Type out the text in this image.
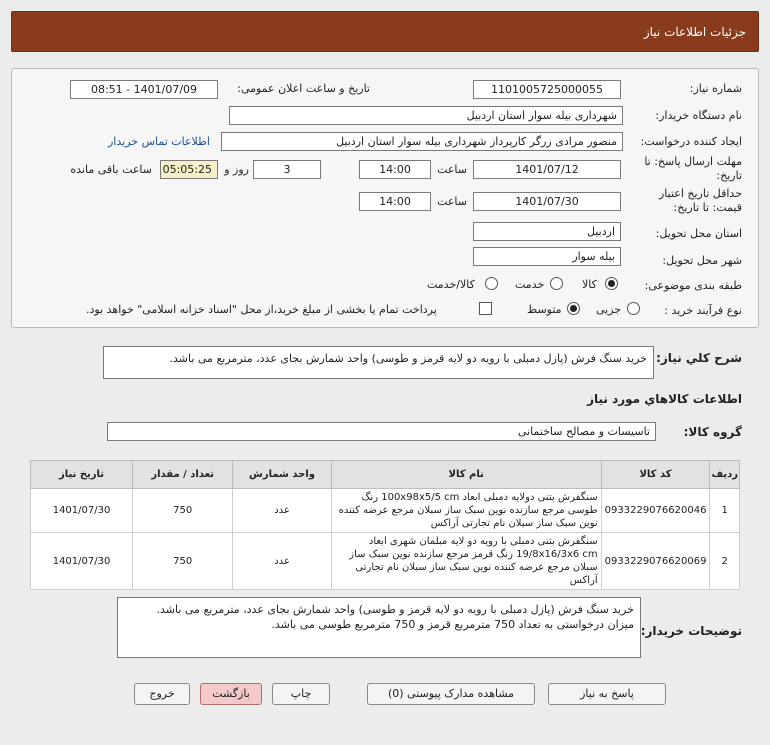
جزئیات اطلاعات نیاز
شماره نیاز:
1101005725000055
تاریخ و ساعت اعلان عمومی:
1401/07/09 - 08:51
نام دستگاه خریدار:
شهرداری بیله سوار استان اردبیل
ایجاد کننده درخواست:
منصور مرادی زرگر کارپرداز شهرداری بیله سوار استان اردبیل
اطلاعات تماس خریدار
مهلت ارسال پاسخ: تا
تاریخ:
1401/07/12
ساعت
14:00
3
روز و
05:05:25
ساعت باقی مانده
حداقل تاریخ اعتبار
قیمت: تا تاریخ:
1401/07/30
ساعت
14:00
استان محل تحویل:
اردبیل
شهر محل تحویل:
بیله سوار
طبقه بندی موضوعی:
کالا
خدمت
کالا/خدمت
نوع فرآیند خرید :
جزیی
متوسط
پرداخت تمام یا بخشی از مبلغ خرید،از محل "اسناد خزانه اسلامی" خواهد بود.
شرح کلي نياز:
خرید سنگ فرش (پازل دمبلی با رویه دو لایه قرمز و طوسی) واحد شمارش بجای عدد، مترمربع می باشد.
اطلاعات كالاهاي مورد نياز
گروه کالا:
تاسیسات و مصالح ساختمانی
ردیف	کد کالا	نام کالا	واحد شمارش	تعداد / مقدار	تاریخ نیاز
1	0933229076620046	سنگفرش بتنی دولایه دمبلی ابعاد 100x98x5/5 cm رنگ طوسی مرجع سازنده نوین سبک ساز سبلان مرجع عرضه کننده نوین سبک ساز سبلان نام تجارتی آراکس	عدد	750	1401/07/30
2	0933229076620069	سنگفرش بتنی دمبلی با رویه دو لایه مبلمان شهری ابعاد 19/8x16/3x6 cm رنگ قرمز مرجع سازنده نوین سبک ساز سبلان مرجع عرضه کننده نوین سبک ساز سبلان نام تجارتی آراکس	عدد	750	1401/07/30
توضیحات خریدار:
خرید سنگ فرش (پازل دمبلی با رویه دو لایه قرمز و طوسی) واحد شمارش بجای عدد، مترمربع می باشد.
میزان درخواستی به تعداد 750 مترمربع قرمز و 750 مترمربع طوسی می باشد.
پاسخ به نیاز
مشاهده مدارک پیوستی (0)
چاپ
بازگشت
خروج
